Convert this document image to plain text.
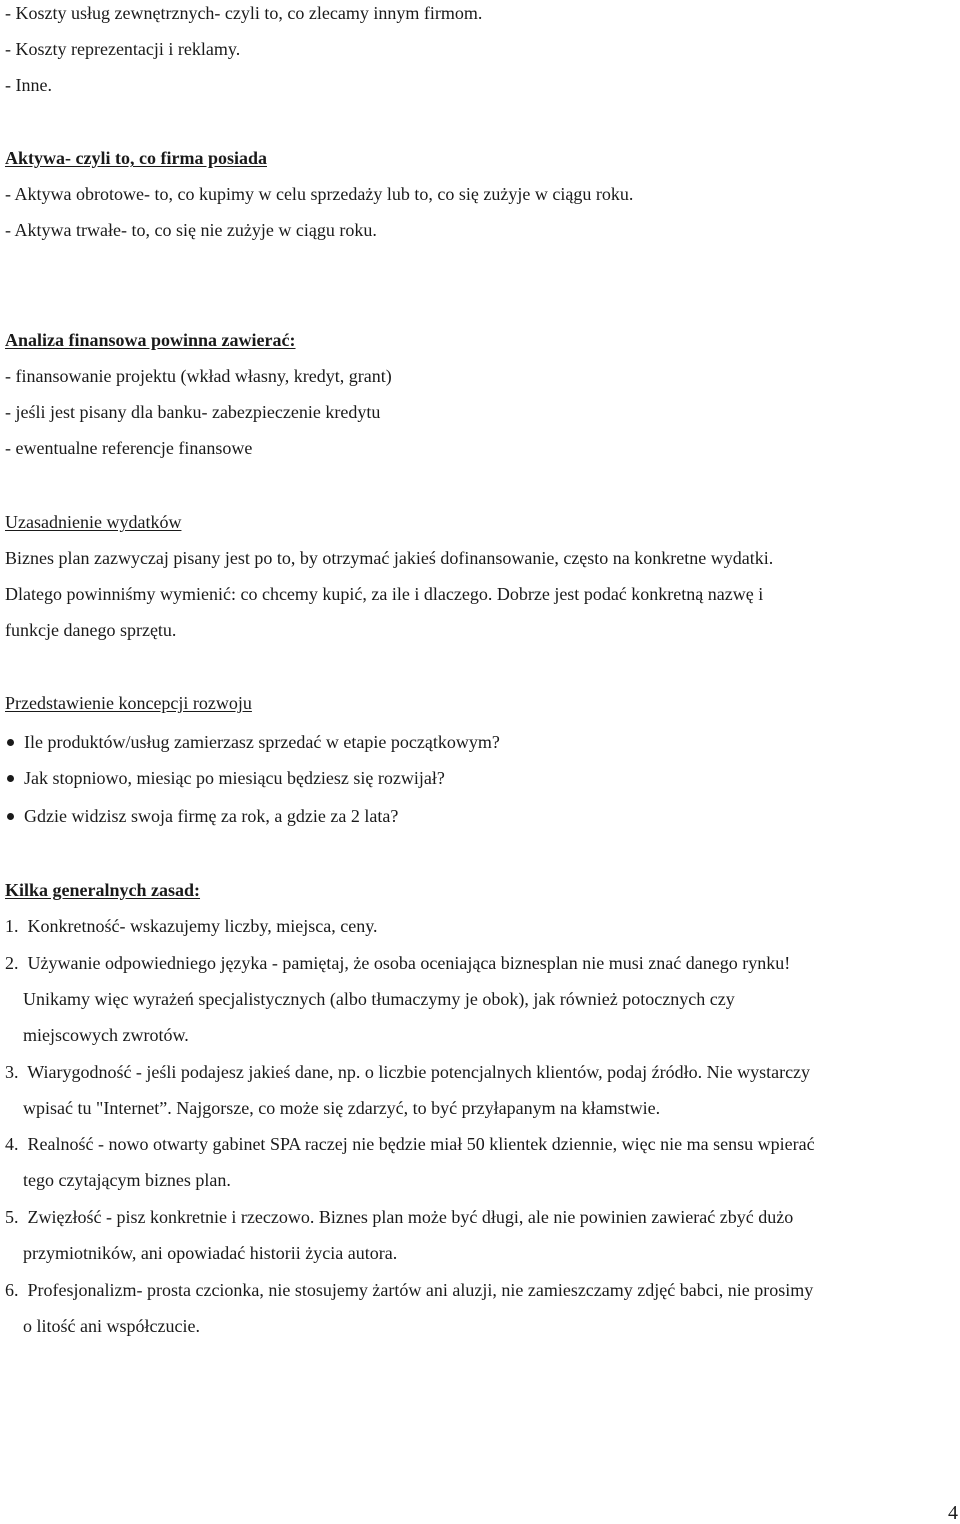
- Koszty usług zewnętrznych- czyli to, co zlecamy innym firmom.
- Koszty reprezentacji i reklamy.
- Inne.
Aktywa- czyli to, co firma posiada
- Aktywa obrotowe- to, co kupimy w celu sprzedaży lub to, co się zużyje w ciągu roku.
- Aktywa trwałe- to, co się nie zużyje w ciągu roku.
Analiza finansowa powinna zawierać:
- finansowanie projektu (wkład własny, kredyt, grant)
- jeśli jest pisany dla banku- zabezpieczenie kredytu
- ewentualne referencje finansowe
Uzasadnienie wydatków
Biznes plan zazwyczaj pisany jest po to, by otrzymać jakieś dofinansowanie, często na konkretne wydatki.
Dlatego powinniśmy wymienić: co chcemy kupić, za ile i dlaczego. Dobrze jest podać konkretną nazwę i
funkcje danego sprzętu.
Przedstawienie koncepcji rozwoju
Ile produktów/usług zamierzasz sprzedać w etapie początkowym?
Jak stopniowo, miesiąc po miesiącu będziesz się rozwijał?
Gdzie widzisz swoja firmę za rok, a gdzie za 2 lata?
Kilka generalnych zasad:
1. Konkretność- wskazujemy liczby, miejsca, ceny.
2. Używanie odpowiedniego języka - pamiętaj, że osoba oceniająca biznesplan nie musi znać danego rynku!
Unikamy więc wyrażeń specjalistycznych (albo tłumaczymy je obok), jak również potocznych czy
miejscowych zwrotów.
3. Wiarygodność - jeśli podajesz jakieś dane, np. o liczbie potencjalnych klientów, podaj źródło. Nie wystarczy
wpisać tu "Internet”. Najgorsze, co może się zdarzyć, to być przyłapanym na kłamstwie.
4. Realność - nowo otwarty gabinet SPA raczej nie będzie miał 50 klientek dziennie, więc nie ma sensu wpierać
tego czytającym biznes plan.
5. Zwięzłość - pisz konkretnie i rzeczowo. Biznes plan może być długi, ale nie powinien zawierać zbyć dużo
przymiotników, ani opowiadać historii życia autora.
6. Profesjonalizm- prosta czcionka, nie stosujemy żartów ani aluzji, nie zamieszczamy zdjęć babci, nie prosimy
o litość ani współczucie.
4
